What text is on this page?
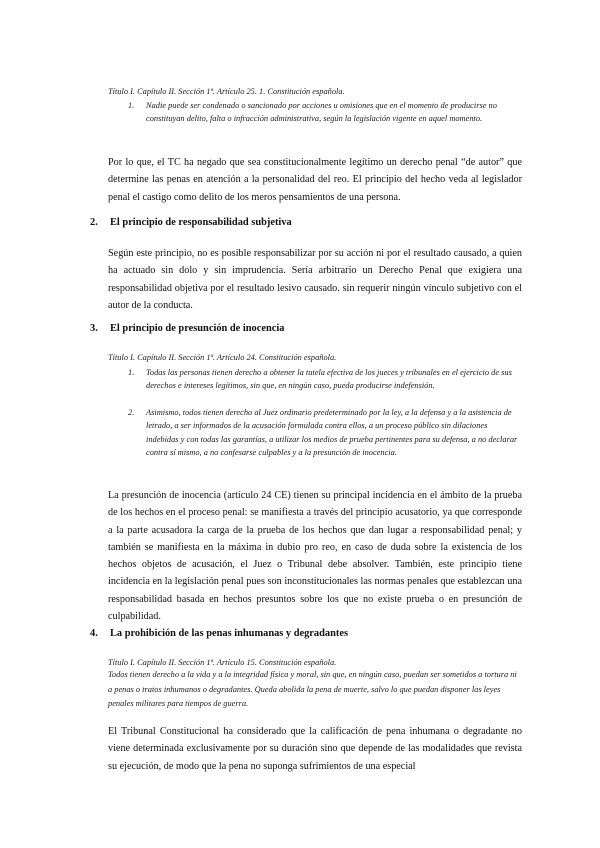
Título I. Capítulo II. Sección 1ª. Artículo 25. 1. Constitución española.
1. Nadie puede ser condenado o sancionado por acciones u omisiones que en el momento de producirse no constituyan delito, falta o infracción administrativa, según la legislación vigente en aquel momento.
Por lo que, el TC ha negado que sea constitucionalmente legítimo un derecho penal “de autor” que determine las penas en atención a la personalidad del reo. El principio del hecho veda al legislador penal el castigo como delito de los meros pensamientos de una persona.
2. El principio de responsabilidad subjetiva
Según este principio, no es posible responsabilizar por su acción ni por el resultado causado, a quien ha actuado sin dolo y sin imprudencia. Sería arbitrario un Derecho Penal que exigiera una responsabilidad objetiva por el resultado lesivo causado. sin requerir ningún vínculo subjetivo con el autor de la conducta.
3. El principio de presunción de inocencia
Título I. Capítulo II. Sección 1ª. Artículo 24. Constitución española.
1. Todas las personas tienen derecho a obtener la tutela efectiva de los jueces y tribunales en el ejercicio de sus derechos e intereses legítimos, sin que, en ningún caso, pueda producirse indefensión.
2. Asimismo, todos tienen derecho al Juez ordinario predeterminado por la ley, a la defensa y a la asistencia de letrado, a ser informados de la acusación formulada contra ellos, a un proceso público sin dilaciones indebidas y con todas las garantías, a utilizar los medios de prueba pertinentes para su defensa, a no declarar contra sí mismo, a no confesarse culpables y a la presunción de inocencia.
La presunción de inocencia (artículo 24 CE) tienen su principal incidencia en el ámbito de la prueba de los hechos en el proceso penal: se manifiesta a través del principio acusatorio, ya que corresponde a la parte acusadora la carga de la prueba de los hechos que dan lugar a responsabilidad penal; y también se manifiesta en la máxima in dubio pro reo, en caso de duda sobre la existencia de los hechos objetos de acusación, el Juez o Tribunal debe absolver. También, este principio tiene incidencia en la legislación penal pues son inconstitucionales las normas penales que establezcan una responsabilidad basada en hechos presuntos sobre los que no existe prueba o en presunción de culpabilidad.
4. La prohibición de las penas inhumanas y degradantes
Título I. Capítulo II. Sección 1ª. Artículo 15. Constitución española.
Todos tienen derecho a la vida y a la integridad física y moral, sin que, en ningún caso, puedan ser sometidos a tortura ni a penas o tratos inhumanos o degradantes. Queda abolida la pena de muerte, salvo lo que puedan disponer las leyes penales militares para tiempos de guerra.
El Tribunal Constitucional ha considerado que la calificación de pena inhumana o degradante no viene determinada exclusivamente por su duración sino que depende de las modalidades que revista su ejecución, de modo que la pena no suponga sufrimientos de una especial
